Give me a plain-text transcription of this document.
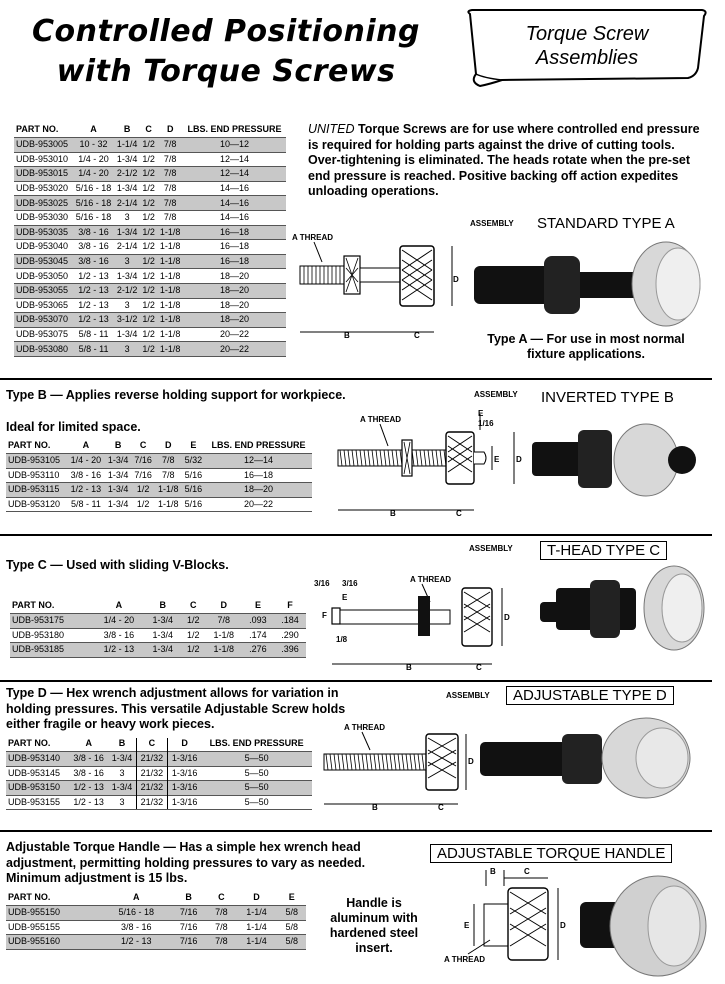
Controlled Positioning
with Torque Screws
Torque Screw
Assemblies
PART NO.	A	B	C	D	LBS. END PRESSURE
UDB-953005	10 - 32	1-1/4	1/2	7/8	10—12
UDB-953010	1/4 - 20	1-3/4	1/2	7/8	12—14
UDB-953015	1/4 - 20	2-1/2	1/2	7/8	12—14
UDB-953020	5/16 - 18	1-3/4	1/2	7/8	14—16
UDB-953025	5/16 - 18	2-1/4	1/2	7/8	14—16
UDB-953030	5/16 - 18	3	1/2	7/8	14—16
UDB-953035	3/8 - 16	1-3/4	1/2	1-1/8	16—18
UDB-953040	3/8 - 16	2-1/4	1/2	1-1/8	16—18
UDB-953045	3/8 - 16	3	1/2	1-1/8	16—18
UDB-953050	1/2 - 13	1-3/4	1/2	1-1/8	18—20
UDB-953055	1/2 - 13	2-1/2	1/2	1-1/8	18—20
UDB-953065	1/2 - 13	3	1/2	1-1/8	18—20
UDB-953070	1/2 - 13	3-1/2	1/2	1-1/8	18—20
UDB-953075	5/8 - 11	1-3/4	1/2	1-1/8	20—22
UDB-953080	5/8 - 11	3	1/2	1-1/8	20—22
UNITED Torque Screws are for use where controlled end pressure is required for holding parts against the drive of cutting tools. Over-tightening is eliminated. The heads rotate when the pre-set end pressure is reached. Positive backing off action expedites unloading operations.
ASSEMBLY STANDARD TYPE A
A THREAD
D
B	C	Type A — For use in most normal fixture applications.
Type B — Applies reverse holding support for workpiece.
Ideal for limited space.
ASSEMBLY INVERTED TYPE B
PART NO.	A	B	C	D	E	LBS. END PRESSURE
UDB-953105	1/4 - 20	1-3/4	7/16	7/8	5/32	12—14
UDB-953110	3/8 - 16	1-3/4	7/16	7/8	5/16	16—18
UDB-953115	1/2 - 13	1-3/4	1/2	1-1/8	5/16	18—20
UDB-953120	5/8 - 11	1-3/4	1/2	1-1/8	5/16	20—22
A THREAD
E
1/16
E D
B	C
Type C — Used with sliding V-Blocks.
ASSEMBLY	T-HEAD TYPE C
PART NO.	A	B	C	D	E	F
UDB-953175	1/4 - 20	1-3/4	1/2	7/8	.093	.184
UDB-953180	3/8 - 16	1-3/4	1/2	1-1/8	.174	.290
UDB-953185	1/2 - 13	1-3/4	1/2	1-1/8	.276	.396
3/16 3/16	A THREAD
E
F	D
1/8
B	C
Type D — Hex wrench adjustment allows for variation in holding pressures. This versatile Adjustable Screw holds either fragile or heavy work pieces.
ASSEMBLY	ADJUSTABLE TYPE D
PART NO.	A	B	C	D	LBS. END PRESSURE
UDB-953140	3/8 - 16	1-3/4	21/32	1-3/16	5—50
UDB-953145	3/8 - 16	3	21/32	1-3/16	5—50
UDB-953150	1/2 - 13	1-3/4	21/32	1-3/16	5—50
UDB-953155	1/2 - 13	3	21/32	1-3/16	5—50
A THREAD
D
B	C
Adjustable Torque Handle — Has a simple hex wrench head adjustment, permitting holding pressures to vary as needed. Minimum adjustment is 15 lbs.
ADJUSTABLE TORQUE HANDLE
PART NO.	A	B	C	D	E
UDB-955150	5/16 - 18	7/16	7/8	1-1/4	5/8
UDB-955155	3/8 - 16	7/16	7/8	1-1/4	5/8
UDB-955160	1/2 - 13	7/16	7/8	1-1/4	5/8
Handle is aluminum with hardened steel insert.
B	C
E	D
A THREAD
